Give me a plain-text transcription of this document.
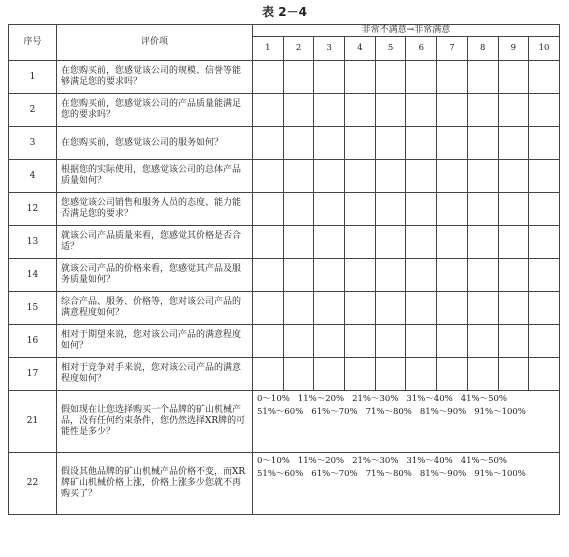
表 2－4
序号	评价项	非常不满意→非常满意									
		1	2	3	4	5	6	7	8	9	10
1	在您购买前，您感觉该公司的规模、信誉等能够满足您的要求吗？										
2	在您购买前，您感觉该公司的产品质量能满足您的要求吗？										
3	在您购买前，您感觉该公司的服务如何？										
4	根据您的实际使用，您感觉该公司的总体产品质量如何？										
12	您感觉该公司销售和服务人员的态度、能力能否满足您的要求？										
13	就该公司产品质量来看，您感觉其价格是否合适？										
14	就该公司产品的价格来看，您感觉其产品及服务质量如何？										
15	综合产品、服务、价格等，您对该公司产品的满意程度如何？										
16	相对于期望来说，您对该公司产品的满意程度如何？										
17	相对于竞争对手来说，您对该公司产品的满意程度如何？										
21	假如现在让您选择购买一个品牌的矿山机械产品，没有任何约束条件，您仍然选择XR牌的可能性是多少？	0～10% 11%～20% 21%～30% 31%～40% 41%～50%51%～60% 61%～70% 71%～80% 81%～90% 91%～100%									
22	假设其他品牌的矿山机械产品价格不变，而XR牌矿山机械价格上涨，价格上涨多少您就不再购买了？	0～10% 11%～20% 21%～30% 31%～40% 41%～50%51%～60% 61%～70% 71%～80% 81%～90% 91%～100%									
